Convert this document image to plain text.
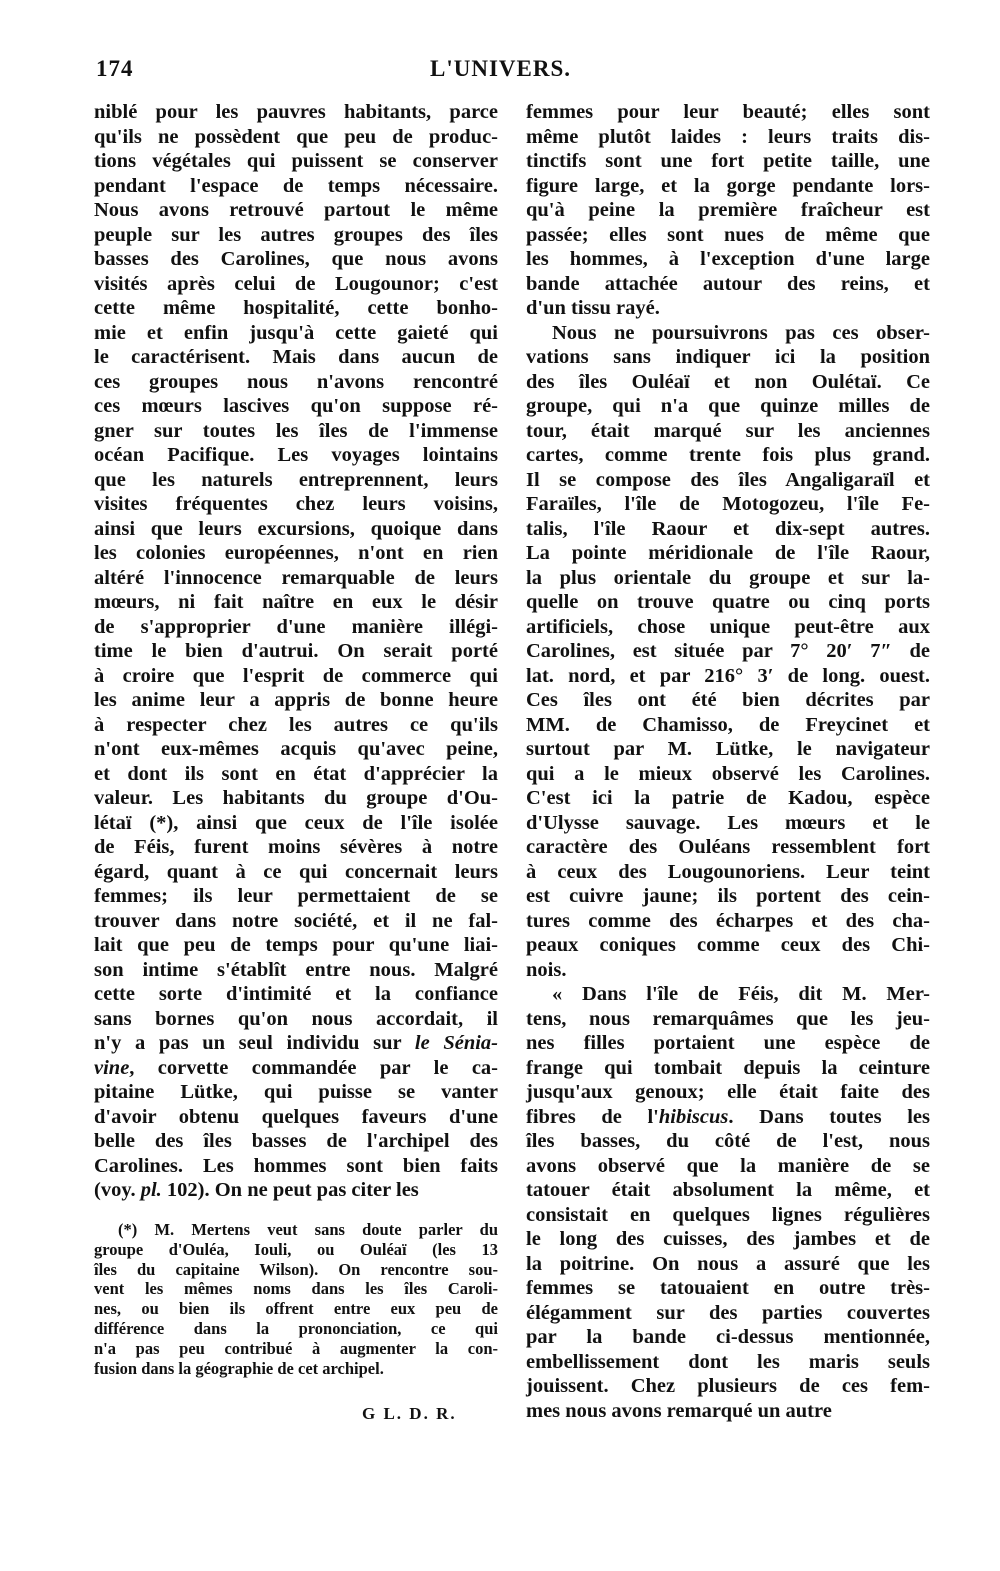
174	L'UNIVERS.
niblé pour les pauvres habitants, parce
qu'ils ne possèdent que peu de produc-
tions végétales qui puissent se conserver
pendant l'espace de temps nécessaire.
Nous avons retrouvé partout le même
peuple sur les autres groupes des îles
basses des Carolines, que nous avons
visités après celui de Lougounor; c'est
cette même hospitalité, cette bonho-
mie et enfin jusqu'à cette gaieté qui
le caractérisent. Mais dans aucun de
ces groupes nous n'avons rencontré
ces mœurs lascives qu'on suppose ré-
gner sur toutes les îles de l'immense
océan Pacifique. Les voyages lointains
que les naturels entreprennent, leurs
visites fréquentes chez leurs voisins,
ainsi que leurs excursions, quoique dans
les colonies européennes, n'ont en rien
altéré l'innocence remarquable de leurs
mœurs, ni fait naître en eux le désir
de s'approprier d'une manière illégi-
time le bien d'autrui. On serait porté
à croire que l'esprit de commerce qui
les anime leur a appris de bonne heure
à respecter chez les autres ce qu'ils
n'ont eux-mêmes acquis qu'avec peine,
et dont ils sont en état d'apprécier la
valeur. Les habitants du groupe d'Ou-
létaï (*), ainsi que ceux de l'île isolée
de Féis, furent moins sévères à notre
égard, quant à ce qui concernait leurs
femmes; ils leur permettaient de se
trouver dans notre société, et il ne fal-
lait que peu de temps pour qu'une liai-
son intime s'établît entre nous. Malgré
cette sorte d'intimité et la confiance
sans bornes qu'on nous accordait, il
n'y a pas un seul individu sur le Sénia-
vine, corvette commandée par le ca-
pitaine Lütke, qui puisse se vanter
d'avoir obtenu quelques faveurs d'une
belle des îles basses de l'archipel des
Carolines. Les hommes sont bien faits
(voy. pl. 102). On ne peut pas citer les
femmes pour leur beauté; elles sont
même plutôt laides : leurs traits dis-
tinctifs sont une fort petite taille, une
figure large, et la gorge pendante lors-
qu'à peine la première fraîcheur est
passée; elles sont nues de même que
les hommes, à l'exception d'une large
bande attachée autour des reins, et
d'un tissu rayé.
Nous ne poursuivrons pas ces obser-
vations sans indiquer ici la position
des îles Ouléaï et non Oulétaï. Ce
groupe, qui n'a que quinze milles de
tour, était marqué sur les anciennes
cartes, comme trente fois plus grand.
Il se compose des îles Angaligaraïl et
Faraïles, l'île de Motogozeu, l'île Fe-
talis, l'île Raour et dix-sept autres.
La pointe méridionale de l'île Raour,
la plus orientale du groupe et sur la-
quelle on trouve quatre ou cinq ports
artificiels, chose unique peut-être aux
Carolines, est située par 7° 20′ 7″ de
lat. nord, et par 216° 3′ de long. ouest.
Ces îles ont été bien décrites par
MM. de Chamisso, de Freycinet et
surtout par M. Lütke, le navigateur
qui a le mieux observé les Carolines.
C'est ici la patrie de Kadou, espèce
d'Ulysse sauvage. Les mœurs et le
caractère des Ouléans ressemblent fort
à ceux des Lougounoriens. Leur teint
est cuivre jaune; ils portent des cein-
tures comme des écharpes et des cha-
peaux coniques comme ceux des Chi-
nois.
« Dans l'île de Féis, dit M. Mer-
tens, nous remarquâmes que les jeu-
nes filles portaient une espèce de
frange qui tombait depuis la ceinture
jusqu'aux genoux; elle était faite des
fibres de l'hibiscus. Dans toutes les
îles basses, du côté de l'est, nous
avons observé que la manière de se
tatouer était absolument la même, et
consistait en quelques lignes régulières
le long des cuisses, des jambes et de
la poitrine. On nous a assuré que les
femmes se tatouaient en outre très-
élégamment sur des parties couvertes
par la bande ci-dessus mentionnée,
embellissement dont les maris seuls
jouissent. Chez plusieurs de ces fem-
mes nous avons remarqué un autre
(*) M. Mertens veut sans doute parler du
groupe d'Ouléa, Iouli, ou Ouléaï (les 13
îles du capitaine Wilson). On rencontre sou-
vent les mêmes noms dans les îles Caroli-
nes, ou bien ils offrent entre eux peu de
différence dans la prononciation, ce qui
n'a pas peu contribué à augmenter la con-
fusion dans la géographie de cet archipel.
G L. D. R.
